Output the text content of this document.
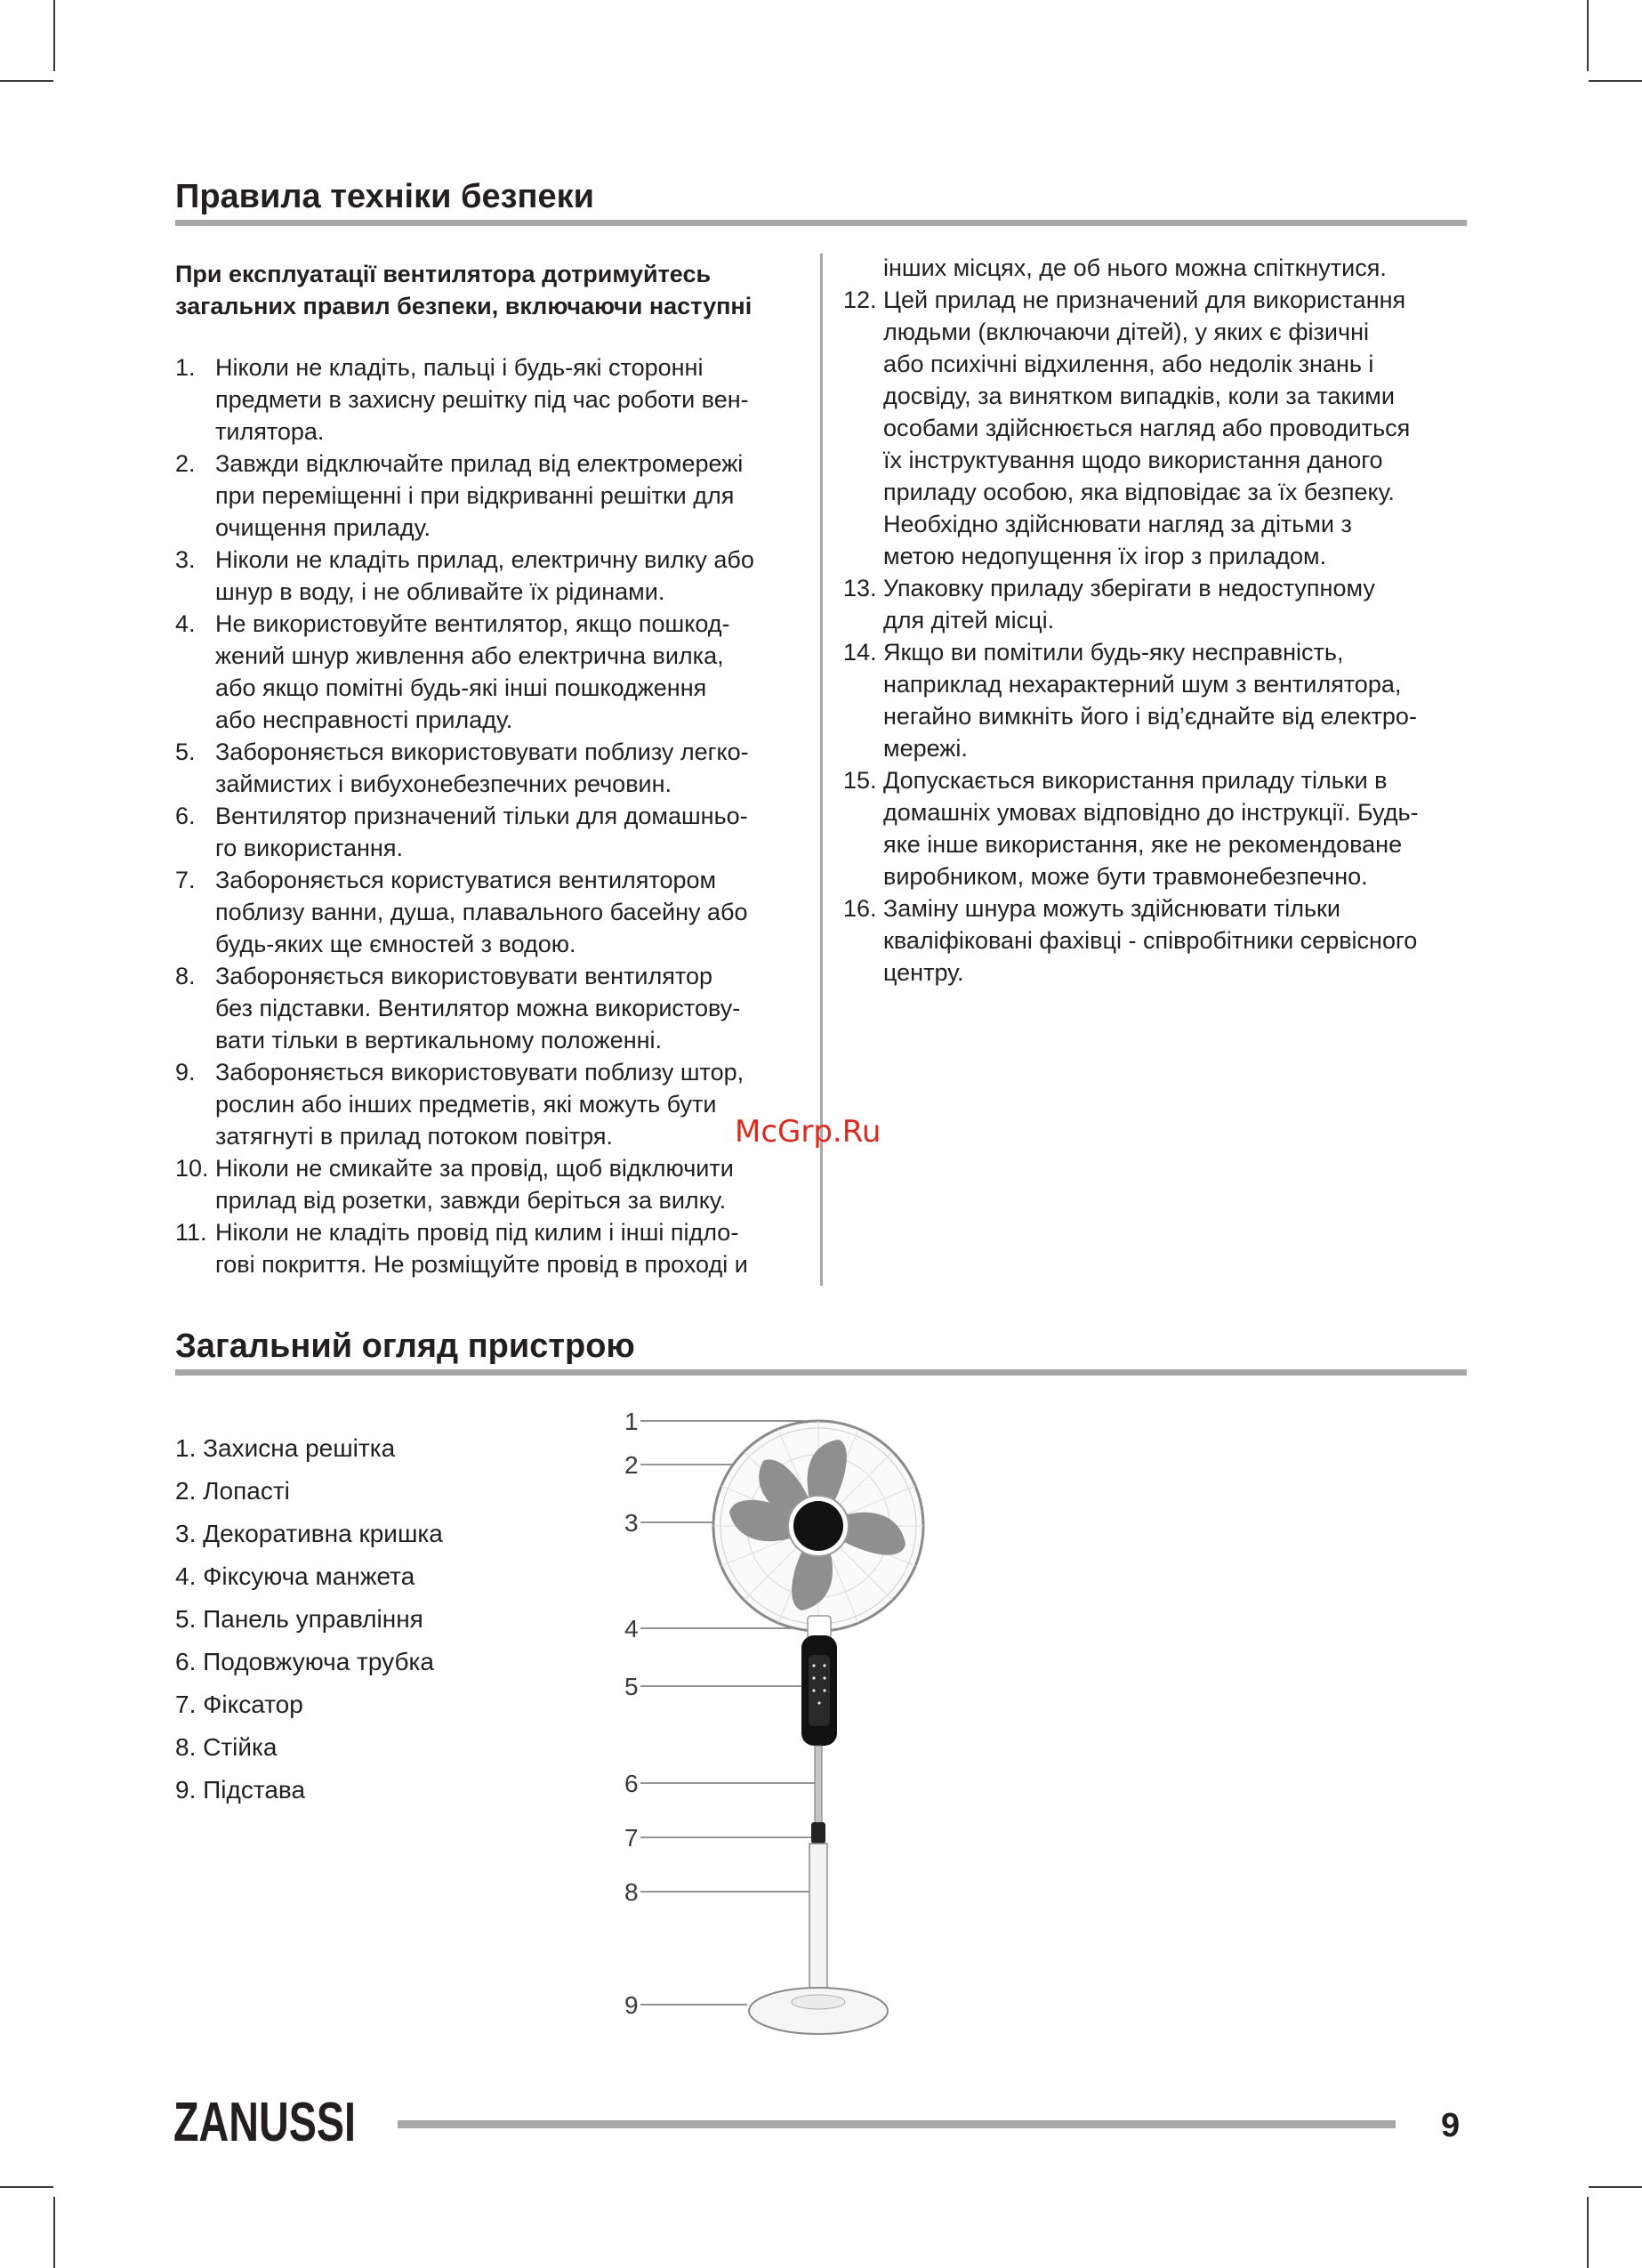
Правила техніки безпеки

При експлуатації вентилятора дотримуйтесь загальних правил безпеки, включаючи наступні

1. Ніколи не кладіть, пальці і будь-які сторонні
предмети в захисну решітку під час роботи вен-
тилятора.
2. Завжди відключайте прилад від електромережі
при переміщенні і при відкриванні решітки для
очищення приладу.
3. Ніколи не кладіть прилад, електричну вилку або
шнур в воду, і не обливайте їх рідинами.
4. Не використовуйте вентилятор, якщо пошкод-
жений шнур живлення або електрична вилка,
або якщо помітні будь-які інші пошкодження
або несправності приладу.
5. Забороняється використовувати поблизу легко-
займистих і вибухонебезпечних речовин.
6. Вентилятор призначений тільки для домашньо-
го використання.
7. Забороняється користуватися вентилятором
поблизу ванни, душа, плавального басейну або
будь-яких ще ємностей з водою.
8. Забороняється використовувати вентилятор
без підставки. Вентилятор можна використову-
вати тільки в вертикальному положенні.
9. Забороняється використовувати поблизу штор,
рослин або інших предметів, які можуть бути
затягнуті в прилад потоком повітря.
10. Ніколи не смикайте за провід, щоб відключити
прилад від розетки, завжди беріться за вилку.
11. Ніколи не кладіть провід під килим і інші підло-
гові покриття. Не розміщуйте провід в проході и

інших місцях, де об нього можна спіткнутися.

12. Цей прилад не призначений для використання
людьми (включаючи дітей), у яких є фізичні
або психічні відхилення, або недолік знань і
досвіду, за винятком випадків, коли за такими
особами здійснюється нагляд або проводиться
їх інструктування щодо використання даного
приладу особою, яка відповідає за їх безпеку.
Необхідно здійснювати нагляд за дітьми з
метою недопущення їх ігор з приладом.
13. Упаковку приладу зберігати в недоступному
для дітей місці.
14. Якщо ви помітили будь-яку несправність,
наприклад нехарактерний шум з вентилятора,
негайно вимкніть його і від’єднайте від електро-
мережі.
15. Допускається використання приладу тільки в
домашніх умовах відповідно до інструкції. Будь-
яке інше використання, яке не рекомендоване
виробником, може бути травмонебезпечно.
16. Заміну шнура можуть здійснювати тільки
кваліфіковані фахівці - співробітники сервісного
центру.
McGrp.Ru
Загальний огляд пристрою
1. Захисна решітка
2. Лопасті
3. Декоративна кришка
4. Фіксуюча манжета
5. Панель управління
6. Подовжуюча трубка
7. Фіксатор
8. Стійка
9. Підстава
1
2
3
4
5
6
7
8
9
ZANUSSI	9
